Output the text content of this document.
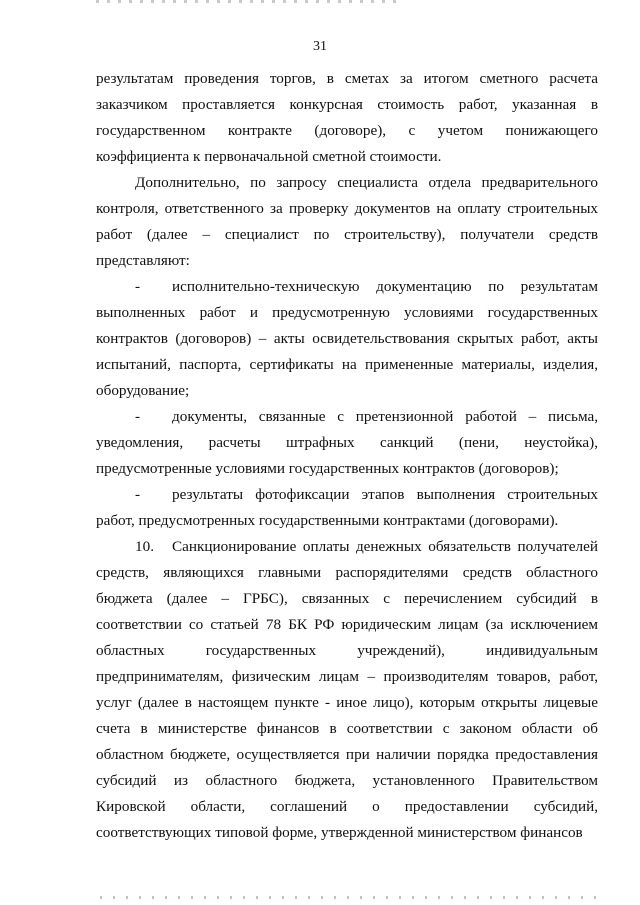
31

результатам проведения торгов, в сметах за итогом сметного расчета заказчиком проставляется конкурсная стоимость работ, указанная в государственном контракте (договоре), с учетом понижающего коэффициента к первоначальной сметной стоимости.

Дополнительно, по запросу специалиста отдела предварительного контроля, ответственного за проверку документов на оплату строительных работ (далее – специалист по строительству), получатели средств представляют:

- исполнительно-техническую документацию по результатам выполненных работ и предусмотренную условиями государственных контрактов (договоров) – акты освидетельствования скрытых работ, акты испытаний, паспорта, сертификаты на примененные материалы, изделия, оборудование;

- документы, связанные с претензионной работой – письма, уведомления, расчеты штрафных санкций (пени, неустойка), предусмотренные условиями государственных контрактов (договоров);

- результаты фотофиксации этапов выполнения строительных работ, предусмотренных государственными контрактами (договорами).

10. Санкционирование оплаты денежных обязательств получателей средств, являющихся главными распорядителями средств областного бюджета (далее – ГРБС), связанных с перечислением субсидий в соответствии со статьей 78 БК РФ юридическим лицам (за исключением областных государственных учреждений), индивидуальным предпринимателям, физическим лицам – производителям товаров, работ, услуг (далее в настоящем пункте - иное лицо), которым открыты лицевые счета в министерстве финансов в соответствии с законом области об областном бюджете, осуществляется при наличии порядка предоставления субсидий из областного бюджета, установленного Правительством Кировской области, соглашений о предоставлении субсидий, соответствующих типовой форме, утвержденной министерством финансов
